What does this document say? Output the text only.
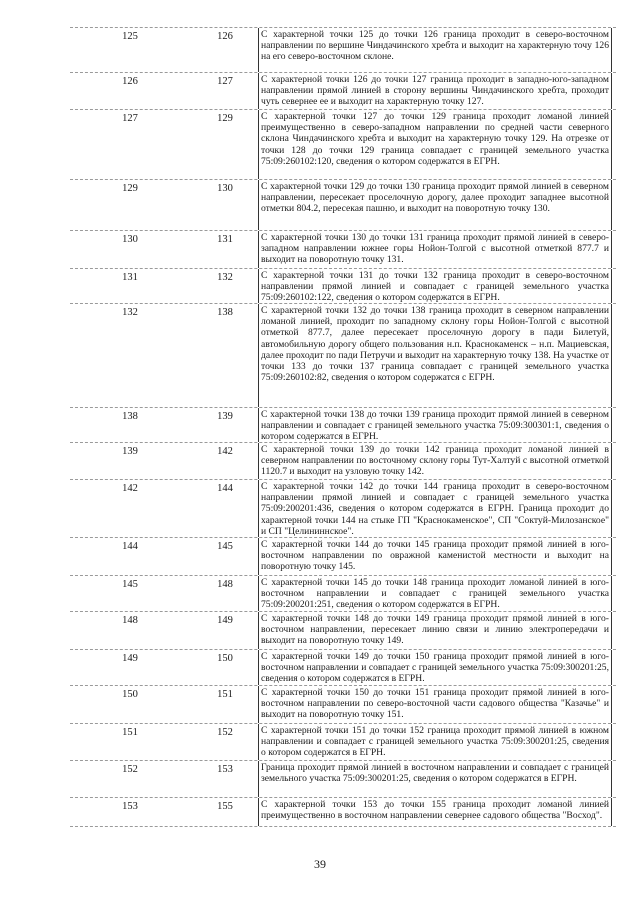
125	126	С характерной точки 125 до точки 126 граница проходит в северо-восточном направлении по вершине Чиндачинского хребта и выходит на характерную точу 126 на его северо-восточном склоне.
126	127	С характерной точки 126 до точки 127 граница проходит в западно-юго-западном направлении прямой линией в сторону вершины Чиндачинского хребта, проходит чуть севернее ее и выходит на характерную точку 127.
127	129	С характерной точки 127 до точки 129 граница проходит ломаной линией преимущественно в северо-западном направлении по средней части северного склона Чиндачинского хребта и выходит на характерную точку 129. На отрезке от точки 128 до точки 129 граница совпадает с границей земельного участка 75:09:260102:120, сведения о котором содержатся в ЕГРН.
129	130	С характерной точки 129 до точки 130 граница проходит прямой линией в северном направлении, пересекает проселочную дорогу, далее проходит западнее высотной отметки 804.2, пересекая пашню, и выходит на поворотную точку 130.
130	131	С характерной точки 130 до точки 131 граница проходит прямой линией в северо-западном направлении южнее горы Нойон-Толгой с высотной отметкой 877.7 и выходит на поворотную точку 131.
131	132	С характерной точки 131 до точки 132 граница проходит в северо-восточном направлении прямой линией и совпадает с границей земельного участка 75:09:260102:122, сведения о котором содержатся в ЕГРН.
132	138	С характерной точки 132 до точки 138 граница проходит в северном направлении ломаной линией, проходит по западному склону горы Нойон-Толгой с высотной отметкой 877.7, далее пересекает проселочную дорогу в пади Билетуй, автомобильную дорогу общего пользования н.п. Краснокаменск – н.п. Мациевская, далее проходит по пади Петручи и выходит на характерную точку 138. На участке от точки 133 до точки 137 граница совпадает с границей земельного участка 75:09:260102:82, сведения о котором содержатся с ЕГРН.
138	139	С характерной точки 138 до точки 139 граница проходит прямой линией в северном направлении и совпадает с границей земельного участка 75:09:300301:1, сведения о котором содержатся в ЕГРН.
139	142	С характерной точки 139 до точки 142 граница проходит ломаной линией в северном направлении по восточному склону горы Тут-Халтуй с высотной отметкой 1120.7 и выходит на узловую точку 142.
142	144	С характерной точки 142 до точки 144 граница проходит в северо-восточном направлении прямой линией и совпадает с границей земельного участка 75:09:200201:436, сведения о котором содержатся в ЕГРН. Граница проходит до характерной точки 144 на стыке ГП "Краснокаменское", СП "Соктуй-Милозанское" и СП "Целининнское".
144	145	С характерной точки 144 до точки 145 граница проходит прямой линией в юго-восточном направлении по овражной каменистой местности и выходит на поворотную точку 145.
145	148	С характерной точки 145 до точки 148 граница проходит ломаной линией в юго-восточном направлении и совпадает с границей земельного участка 75:09:200201:251, сведения о котором содержатся в ЕГРН.
148	149	С характерной точки 148 до точки 149 граница проходит прямой линией в юго-восточном направлении, пересекает линию связи и линию электропередачи и выходит на поворотную точку 149.
149	150	С характерной точки 149 до точки 150 граница проходит прямой линией в юго-восточном направлении и совпадает с границей земельного участка 75:09:300201:25, сведения о котором содержатся в ЕГРН.
150	151	С характерной точки 150 до точки 151 граница проходит прямой линией в юго-восточном направлении по северо-восточной части садового общества "Казачье" и выходит на поворотную точку 151.
151	152	С характерной точки 151 до точки 152 граница проходит прямой линией в южном направлении и совпадает с границей земельного участка 75:09:300201:25, сведения о котором содержатся в ЕГРН.
152	153	Граница проходит прямой линией в восточном направлении и совпадает с границей земельного участка 75:09:300201:25, сведения о котором содержатся в ЕГРН.
153	155	С характерной точки 153 до точки 155 граница проходит ломаной линией преимущественно в восточном направлении севернее садового общества "Восход".
39
